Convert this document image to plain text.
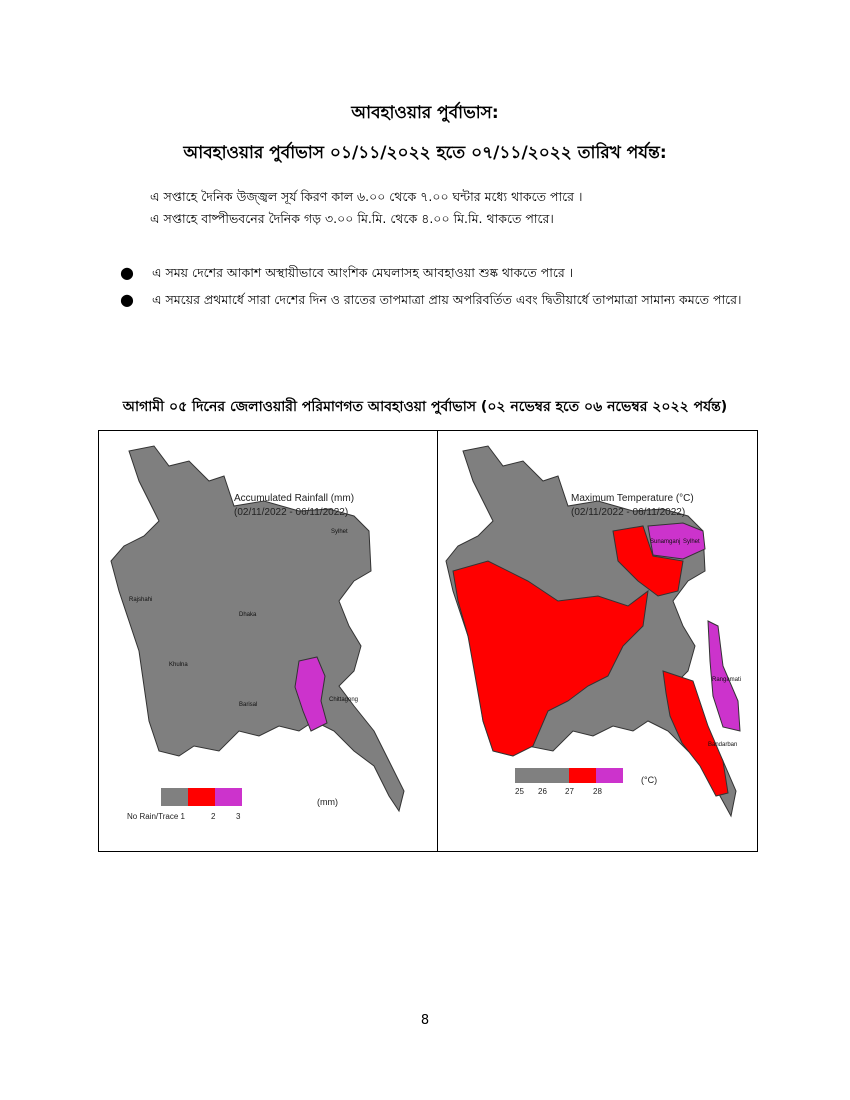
আবহাওয়ার পুর্বাভাস:
আবহাওয়ার পুর্বাভাস ০১/১১/২০২২ হতে ০৭/১১/২০২২ তারিখ পর্যন্ত:
এ সপ্তাহে দৈনিক উজ্জ্বল সূর্য কিরণ কাল ৬.০০ থেকে ৭.০০ ঘন্টার মধ্যে থাকতে পারে ।
এ সপ্তাহে বাষ্পীভবনের দৈনিক গড় ৩.০০ মি.মি. থেকে ৪.০০ মি.মি. থাকতে পারে।
● এ সময় দেশের আকাশ অস্থায়ীভাবে আংশিক মেঘলাসহ আবহাওয়া শুষ্ক থাকতে পারে ।
● এ সময়ের প্রথমার্ধে সারা দেশের দিন ও রাতের তাপমাত্রা প্রায় অপরিবর্তিত এবং দ্বিতীয়ার্ধে তাপমাত্রা সামান্য কমতে পারে।
আগামী ০৫ দিনের জেলাওয়ারী পরিমাণগত আবহাওয়া পুর্বাভাস (০২ নভেম্বর হতে ০৬ নভেম্বর ২০২২ পর্যন্ত)
Accumulated Rainfall (mm)
(02/11/2022 - 06/11/2022)
Sylhet
Dhaka
Chittagong
Rajshahi
Khulna
Barisal
No Rain/Trace 1	2	3
(mm)
Maximum Temperature (°C)
(02/11/2022 - 06/11/2022)
Sunamganj Sylhet
Rangamati
Bandarban
25 26 27 28
(°C)
8
